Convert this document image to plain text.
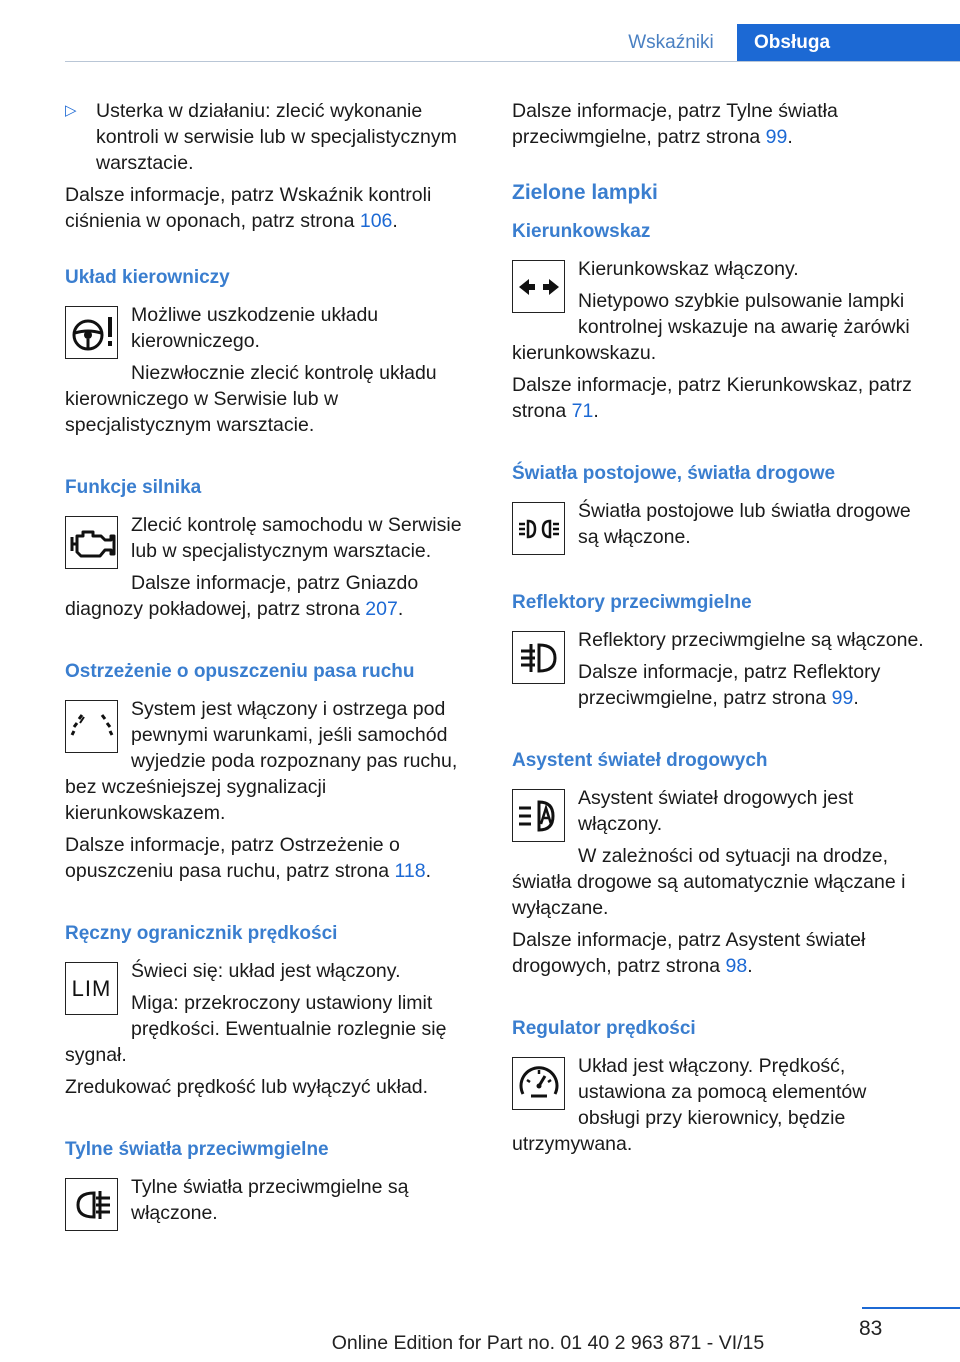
Wskaźniki	Obsługa
▷ Usterka w działaniu: zlecić wykonanie kontroli w serwisie lub w specjalistycznym warsztacie.

Dalsze informacje, patrz Wskaźnik kontroli ciśnienia w oponach, patrz strona 106.

Układ kierowniczy

Możliwe uszkodzenie układu kierowniczego.

Niezwłocznie zlecić kontrolę układu kierowniczego w Serwisie lub w specjalistycznym warsztacie.

Funkcje silnika

Zlecić kontrolę samochodu w Serwisie lub w specjalistycznym warsztacie.

Dalsze informacje, patrz Gniazdo diagnozy pokładowej, patrz strona 207.

Ostrzeżenie o opuszczeniu pasa ruchu

System jest włączony i ostrzega pod pewnymi warunkami, jeśli samochód wyjedzie poda rozpoznany pas ruchu, bez wcześniejszej sygnalizacji kierunkowskazem.

Dalsze informacje, patrz Ostrzeżenie o opuszczeniu pasa ruchu, patrz strona 118.

Ręczny ogranicznik prędkości
LIM

Świeci się: układ jest włączony.

Miga: przekroczony ustawiony limit prędkości. Ewentualnie rozlegnie się sygnał.

Zredukować prędkość lub wyłączyć układ.

Tylne światła przeciwmgielne

Tylne światła przeciwmgielne są włączone.

Dalsze informacje, patrz Tylne światła przeciwmgielne, patrz strona 99.

Zielone lampki
Kierunkowskaz

Kierunkowskaz włączony.

Nietypowo szybkie pulsowanie lampki kontrolnej wskazuje na awarię żarówki kierunkowskazu.

Dalsze informacje, patrz Kierunkowskaz, patrz strona 71.

Światła postojowe, światła drogowe

Światła postojowe lub światła drogowe są włączone.

Reflektory przeciwmgielne

Reflektory przeciwmgielne są włączone.

Dalsze informacje, patrz Reflektory przeciwmgielne, patrz strona 99.

Asystent świateł drogowych

Asystent świateł drogowych jest włączony.

W zależności od sytuacji na drodze, światła drogowe są automatycznie włączane i wyłączane.

Dalsze informacje, patrz Asystent świateł drogowych, patrz strona 98.

Regulator prędkości

Układ jest włączony. Prędkość, ustawiona za pomocą elementów obsługi przy kierownicy, będzie utrzymywana.

83
Online Edition for Part no. 01 40 2 963 871 - VI/15
